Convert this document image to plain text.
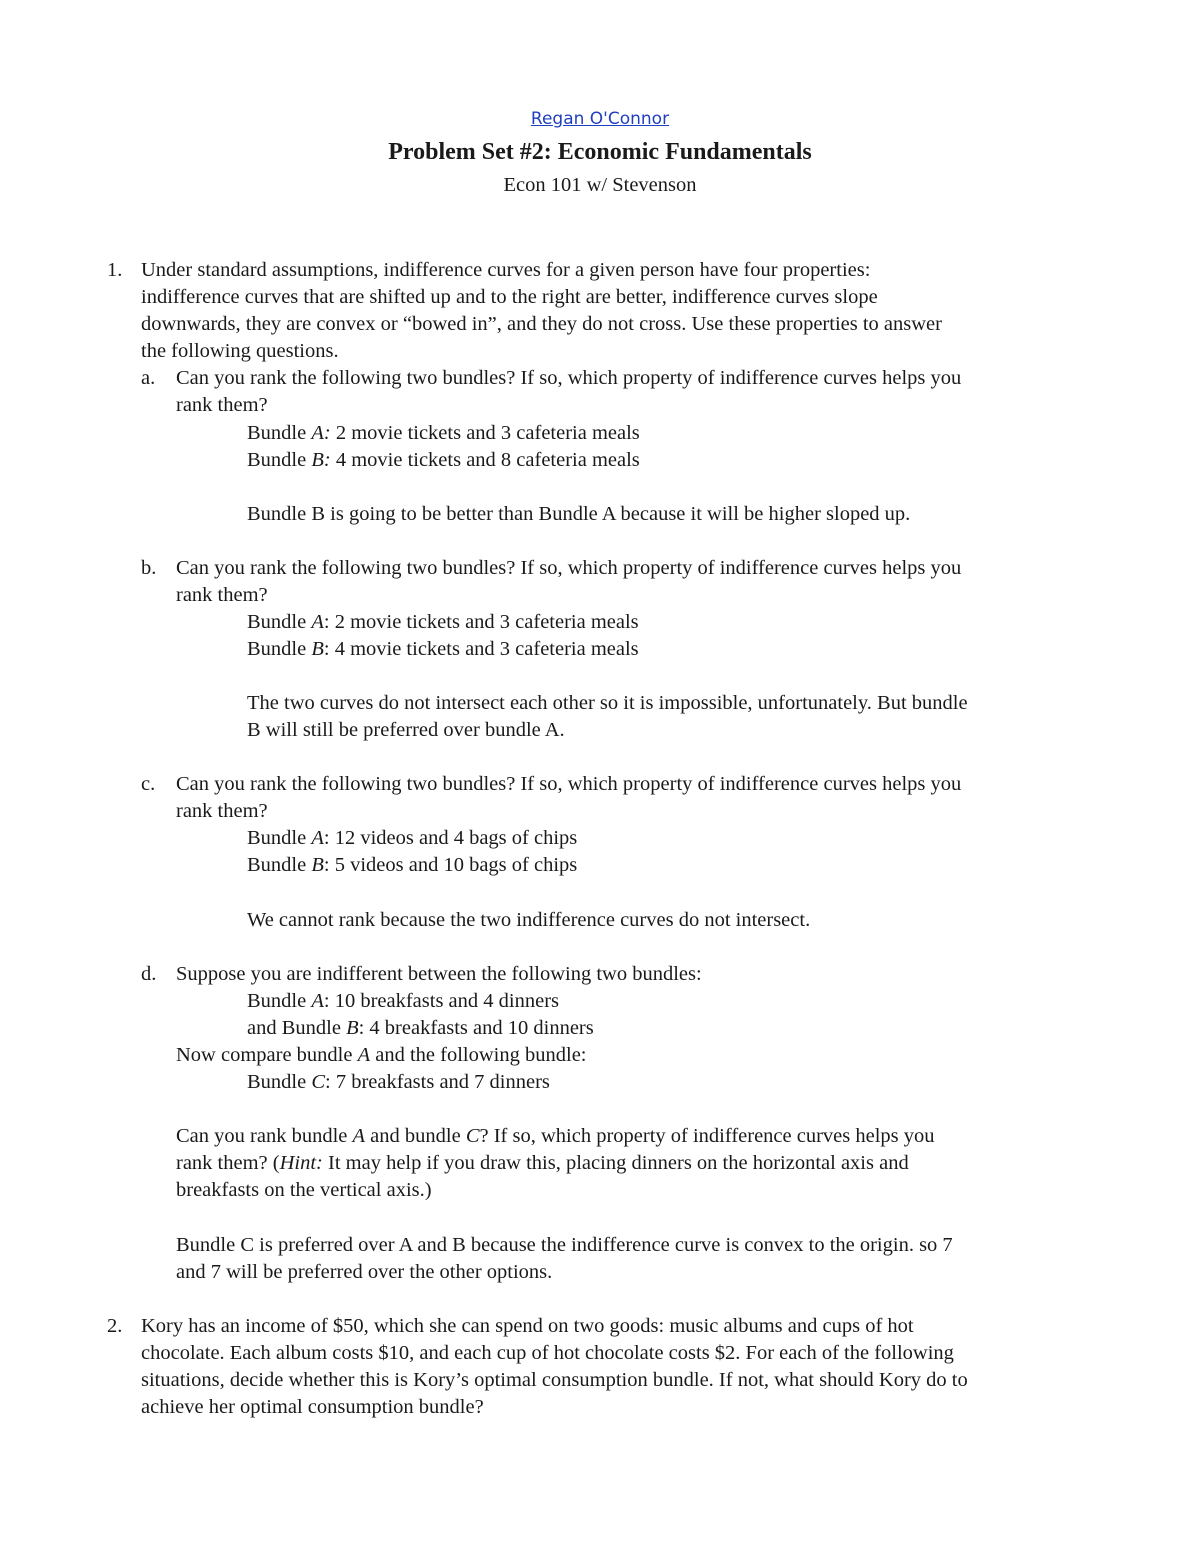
Regan O'Connor
Problem Set #2: Economic Fundamentals
Econ 101 w/ Stevenson
1. Under standard assumptions, indifference curves for a given person have four properties:
indifference curves that are shifted up and to the right are better, indifference curves slope
downwards, they are convex or “bowed in”, and they do not cross. Use these properties to answer
the following questions.
a. Can you rank the following two bundles? If so, which property of indifference curves helps you
rank them?
Bundle A: 2 movie tickets and 3 cafeteria meals
Bundle B: 4 movie tickets and 8 cafeteria meals
Bundle B is going to be better than Bundle A because it will be higher sloped up.
b. Can you rank the following two bundles? If so, which property of indifference curves helps you
rank them?
Bundle A: 2 movie tickets and 3 cafeteria meals
Bundle B: 4 movie tickets and 3 cafeteria meals
The two curves do not intersect each other so it is impossible, unfortunately. But bundle
B will still be preferred over bundle A.
c. Can you rank the following two bundles? If so, which property of indifference curves helps you
rank them?
Bundle A: 12 videos and 4 bags of chips
Bundle B: 5 videos and 10 bags of chips
We cannot rank because the two indifference curves do not intersect.
d. Suppose you are indifferent between the following two bundles:
Bundle A: 10 breakfasts and 4 dinners
and Bundle B: 4 breakfasts and 10 dinners
Now compare bundle A and the following bundle:
Bundle C: 7 breakfasts and 7 dinners
Can you rank bundle A and bundle C? If so, which property of indifference curves helps you
rank them? (Hint: It may help if you draw this, placing dinners on the horizontal axis and
breakfasts on the vertical axis.)
Bundle C is preferred over A and B because the indifference curve is convex to the origin. so 7
and 7 will be preferred over the other options.
2. Kory has an income of $50, which she can spend on two goods: music albums and cups of hot
chocolate. Each album costs $10, and each cup of hot chocolate costs $2. For each of the following
situations, decide whether this is Kory’s optimal consumption bundle. If not, what should Kory do to
achieve her optimal consumption bundle?
